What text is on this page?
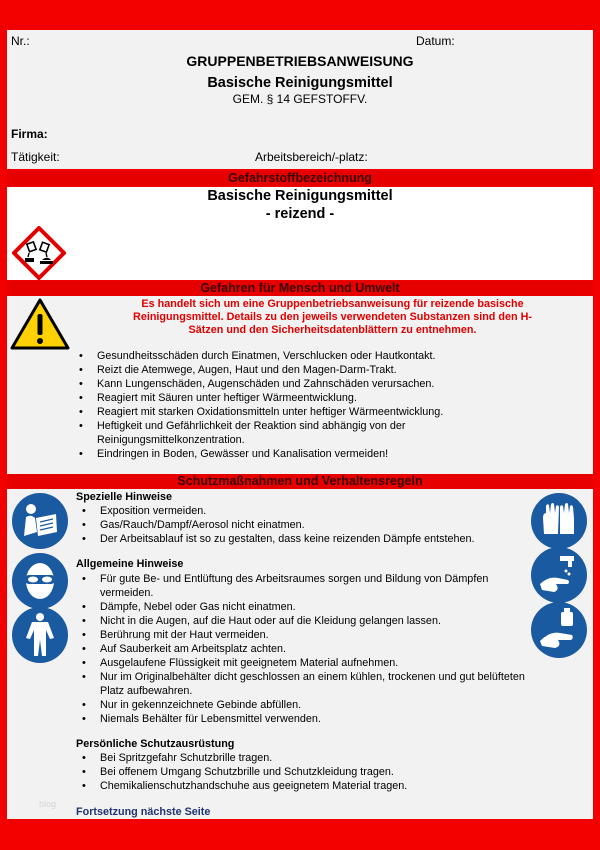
Nr.:	Datum:
GRUPPENBETRIEBSANWEISUNG
Basische Reinigungsmittel
GEM. § 14 GEFSTOFFV.
Firma:
Tätigkeit:	Arbeitsbereich/-platz:
Gefahrstoffbezeichnung
Basische Reinigungsmittel
- reizend -
Gefahren für Mensch und Umwelt
Es handelt sich um eine Gruppenbetriebsanweisung für reizende basische
Reinigungsmittel. Details zu den jeweils verwendeten Substanzen sind den H-
Sätzen und den Sicherheitsdatenblättern zu entnehmen.
• Gesundheitsschäden durch Einatmen, Verschlucken oder Hautkontakt.
• Reizt die Atemwege, Augen, Haut und den Magen-Darm-Trakt.
• Kann Lungenschäden, Augenschäden und Zahnschäden verursachen.
• Reagiert mit Säuren unter heftiger Wärmeentwicklung.
• Reagiert mit starken Oxidationsmitteln unter heftiger Wärmeentwicklung.
• Heftigkeit und Gefährlichkeit der Reaktion sind abhängig von der Reinigungsmittelkonzentration.
• Eindringen in Boden, Gewässer und Kanalisation vermeiden!
Schutzmaßnahmen und Verhaltensregeln
Spezielle Hinweise
• Exposition vermeiden.
• Gas/Rauch/Dampf/Aerosol nicht einatmen.
• Der Arbeitsablauf ist so zu gestalten, dass keine reizenden Dämpfe entstehen.
Allgemeine Hinweise
• Für gute Be- und Entlüftung des Arbeitsraumes sorgen und Bildung von Dämpfen vermeiden.
• Dämpfe, Nebel oder Gas nicht einatmen.
• Nicht in die Augen, auf die Haut oder auf die Kleidung gelangen lassen.
• Berührung mit der Haut vermeiden.
• Auf Sauberkeit am Arbeitsplatz achten.
• Ausgelaufene Flüssigkeit mit geeignetem Material aufnehmen.
• Nur im Originalbehälter dicht geschlossen an einem kühlen, trockenen und gut belüfteten Platz aufbewahren.
• Nur in gekennzeichnete Gebinde abfüllen.
• Niemals Behälter für Lebensmittel verwenden.
Persönliche Schutzausrüstung
• Bei Spritzgefahr Schutzbrille tragen.
• Bei offenem Umgang Schutzbrille und Schutzkleidung tragen.
• Chemikalienschutzhandschuhe aus geeignetem Material tragen.
blog
Fortsetzung nächste Seite
